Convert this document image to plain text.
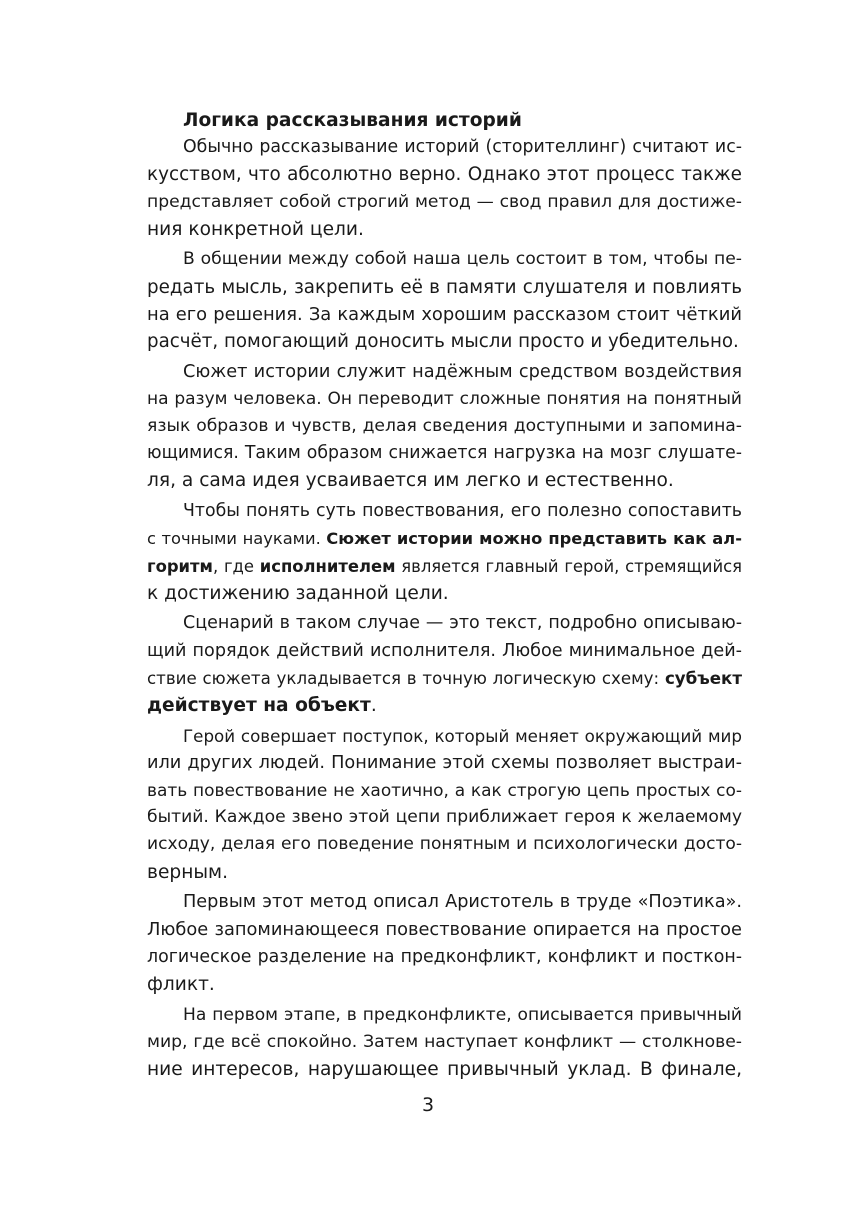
Логика рассказывания историй
Обычно рассказывание историй (сторителлинг) считают ис-
кусством, что абсолютно верно. Однако этот процесс также
представляет собой строгий метод — свод правил для достиже-
ния конкретной цели.
В общении между собой наша цель состоит в том, чтобы пе-
редать мысль, закрепить её в памяти слушателя и повлиять
на его решения. За каждым хорошим рассказом стоит чёткий
расчёт, помогающий доносить мысли просто и убедительно.
Сюжет истории служит надёжным средством воздействия
на разум человека. Он переводит сложные понятия на понятный
язык образов и чувств, делая сведения доступными и запомина-
ющимися. Таким образом снижается нагрузка на мозг слушате-
ля, а сама идея усваивается им легко и естественно.
Чтобы понять суть повествования, его полезно сопоставить
с точными науками. Сюжет истории можно представить как ал-
горитм, где исполнителем является главный герой, стремящийся
к достижению заданной цели.
Сценарий в таком случае — это текст, подробно описываю-
щий порядок действий исполнителя. Любое минимальное дей-
ствие сюжета укладывается в точную логическую схему: субъект
действует на объект.
Герой совершает поступок, который меняет окружающий мир
или других людей. Понимание этой схемы позволяет выстраи-
вать повествование не хаотично, а как строгую цепь простых со-
бытий. Каждое звено этой цепи приближает героя к желаемому
исходу, делая его поведение понятным и психологически досто-
верным.
Первым этот метод описал Аристотель в труде «Поэтика».
Любое запоминающееся повествование опирается на простое
логическое разделение на предконфликт, конфликт и посткон-
фликт.
На первом этапе, в предконфликте, описывается привычный
мир, где всё спокойно. Затем наступает конфликт — столкнове-
ние интересов, нарушающее привычный уклад. В финале,
3
